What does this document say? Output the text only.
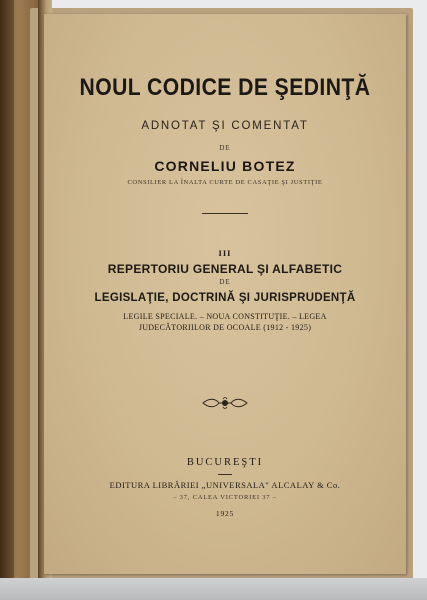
NOUL CODICE DE ŞEDINŢĂ
ADNOTAT ŞI COMENTAT
DE
CORNELIU BOTEZ
CONSILIER LA ÎNALTA CURTE DE CASAŢIE ŞI JUSTIŢIE
III
REPERTORIU GENERAL ŞI ALFABETIC
DE
LEGISLAŢIE, DOCTRINĂ ŞI JURISPRUDENŢĂ
LEGILE SPECIALE. – NOUA CONSTITUŢIE. – LEGEA
JUDECĂTORIILOR DE OCOALE (1912 - 1925)
BUCUREŞTI
EDITURA LIBRĂRIEI „UNIVERSALA" ALCALAY & Co.
– 37, CALEA VICTORIEI 37 –
1925
